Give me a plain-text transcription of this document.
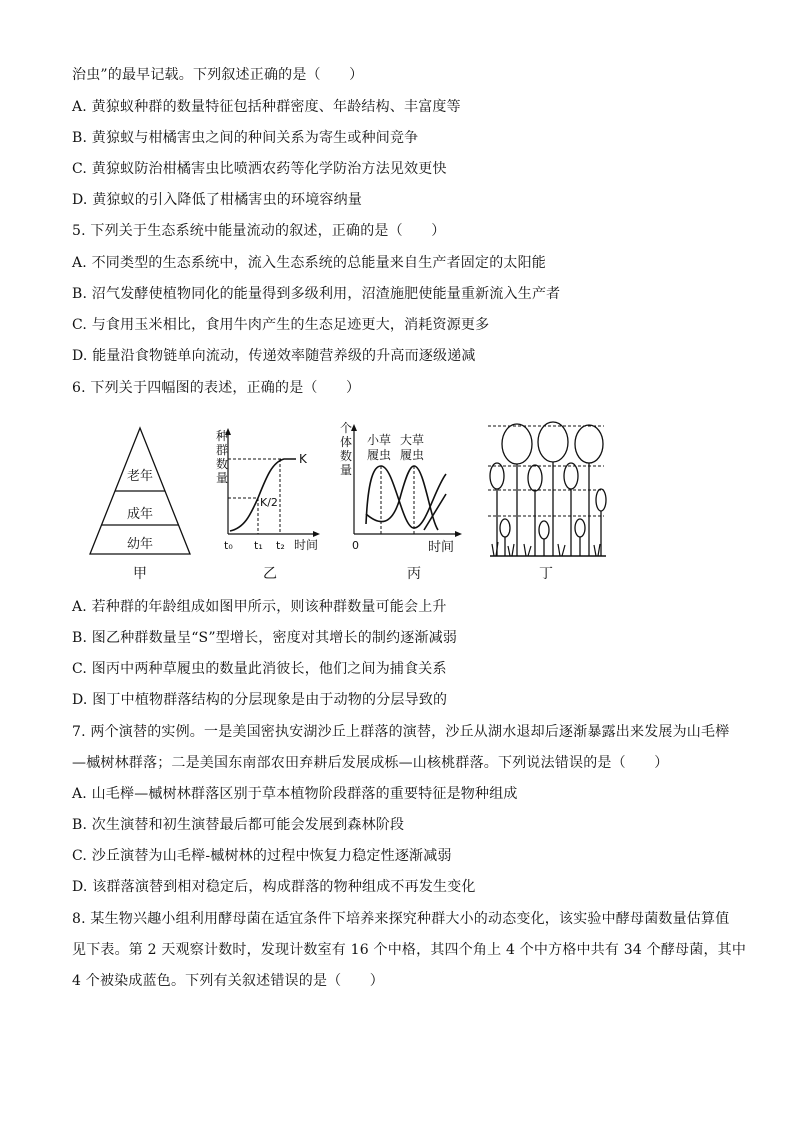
治虫”的最早记载。下列叙述正确的是（　　）
A. 黄猄蚁种群的数量特征包括种群密度、年龄结构、丰富度等
B. 黄猄蚁与柑橘害虫之间的种间关系为寄生或种间竞争
C. 黄猄蚁防治柑橘害虫比喷洒农药等化学防治方法见效更快
D. 黄猄蚁的引入降低了柑橘害虫的环境容纳量
5. 下列关于生态系统中能量流动的叙述，正确的是（　　）
A. 不同类型的生态系统中，流入生态系统的总能量来自生产者固定的太阳能
B. 沼气发酵使植物同化的能量得到多级利用，沼渣施肥使能量重新流入生产者
C. 与食用玉米相比，食用牛肉产生的生态足迹更大，消耗资源更多
D. 能量沿食物链单向流动，传递效率随营养级的升高而逐级递减
6. 下列关于四幅图的表述，正确的是（　　）
老年
成年
幼年
甲
种群数量
K
K/2
t₀ t₁ t₂ 时间
乙
个体数量
小草
履虫
大草
履虫
0	时间
丙	丁
A. 若种群的年龄组成如图甲所示，则该种群数量可能会上升
B. 图乙种群数量呈“S”型增长，密度对其增长的制约逐渐减弱
C. 图丙中两种草履虫的数量此消彼长，他们之间为捕食关系
D. 图丁中植物群落结构的分层现象是由于动物的分层导致的
7. 两个演替的实例。一是美国密执安湖沙丘上群落的演替，沙丘从湖水退却后逐渐暴露出来发展为山毛榉
—槭树林群落；二是美国东南部农田弃耕后发展成栎—山核桃群落。下列说法错误的是（　　）
A. 山毛榉—槭树林群落区别于草本植物阶段群落的重要特征是物种组成
B. 次生演替和初生演替最后都可能会发展到森林阶段
C. 沙丘演替为山毛榉-槭树林的过程中恢复力稳定性逐渐减弱
D. 该群落演替到相对稳定后，构成群落的物种组成不再发生变化
8. 某生物兴趣小组利用酵母菌在适宜条件下培养来探究种群大小的动态变化，该实验中酵母菌数量估算值
见下表。第 2 天观察计数时，发现计数室有 16 个中格，其四个角上 4 个中方格中共有 34 个酵母菌，其中
4 个被染成蓝色。下列有关叙述错误的是（　　）
